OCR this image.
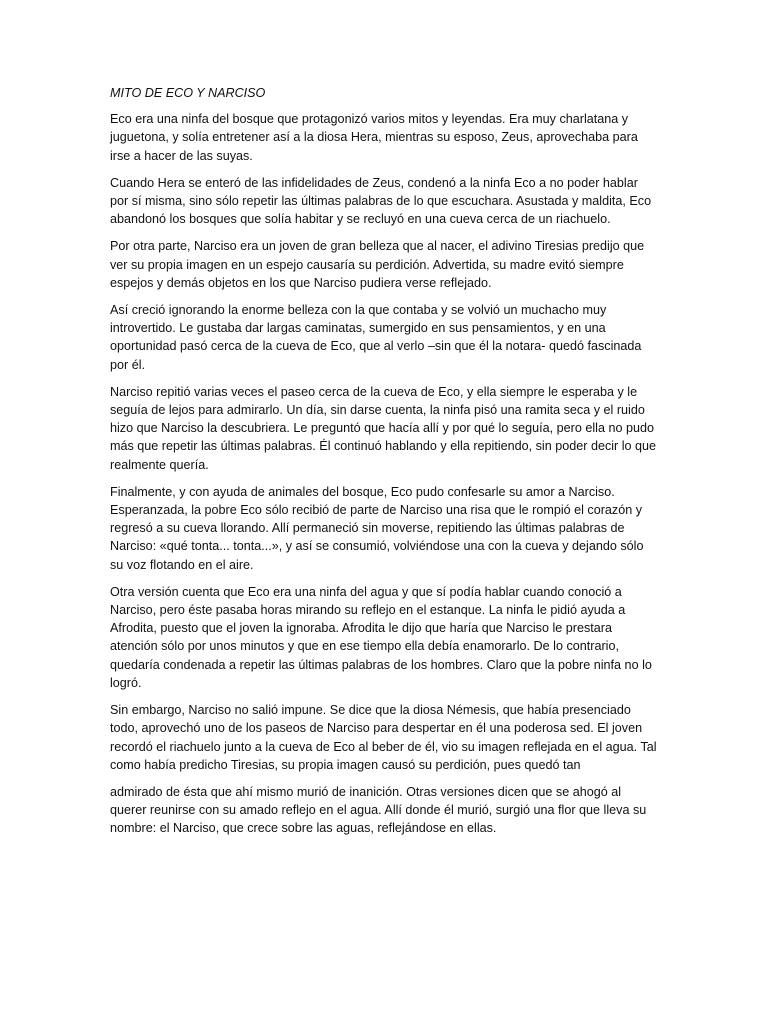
MITO DE ECO Y NARCISO

Eco era una ninfa del bosque que protagonizó varios mitos y leyendas. Era muy charlatana y juguetona, y solía entretener así a la diosa Hera, mientras su esposo, Zeus, aprovechaba para irse a hacer de las suyas.

Cuando Hera se enteró de las infidelidades de Zeus, condenó a la ninfa Eco a no poder hablar por sí misma, sino sólo repetir las últimas palabras de lo que escuchara. Asustada y maldita, Eco abandonó los bosques que solía habitar y se recluyó en una cueva cerca de un riachuelo.

Por otra parte, Narciso era un joven de gran belleza que al nacer, el adivino Tiresias predijo que ver su propia imagen en un espejo causaría su perdición. Advertida, su madre evitó siempre espejos y demás objetos en los que Narciso pudiera verse reflejado.

Así creció ignorando la enorme belleza con la que contaba y se volvió un muchacho muy introvertido. Le gustaba dar largas caminatas, sumergido en sus pensamientos, y en una oportunidad pasó cerca de la cueva de Eco, que al verlo –sin que él la notara- quedó fascinada por él.

Narciso repitió varias veces el paseo cerca de la cueva de Eco, y ella siempre le esperaba y le seguía de lejos para admirarlo. Un día, sin darse cuenta, la ninfa pisó una ramita seca y el ruido hizo que Narciso la descubriera. Le preguntó que hacía allí y por qué lo seguía, pero ella no pudo más que repetir las últimas palabras. Él continuó hablando y ella repitiendo, sin poder decir lo que realmente quería.

Finalmente, y con ayuda de animales del bosque, Eco pudo confesarle su amor a Narciso. Esperanzada, la pobre Eco sólo recibió de parte de Narciso una risa que le rompió el corazón y regresó a su cueva llorando. Allí permaneció sin moverse, repitiendo las últimas palabras de Narciso: «qué tonta... tonta...», y así se consumió, volviéndose una con la cueva y dejando sólo su voz flotando en el aire.

Otra versión cuenta que Eco era una ninfa del agua y que sí podía hablar cuando conoció a Narciso, pero éste pasaba horas mirando su reflejo en el estanque. La ninfa le pidió ayuda a Afrodita, puesto que el joven la ignoraba. Afrodita le dijo que haría que Narciso le prestara atención sólo por unos minutos y que en ese tiempo ella debía enamorarlo. De lo contrario, quedaría condenada a repetir las últimas palabras de los hombres. Claro que la pobre ninfa no lo logró.

Sin embargo, Narciso no salió impune. Se dice que la diosa Némesis, que había presenciado todo, aprovechó uno de los paseos de Narciso para despertar en él una poderosa sed. El joven recordó el riachuelo junto a la cueva de Eco al beber de él, vio su imagen reflejada en el agua. Tal como había predicho Tiresias, su propia imagen causó su perdición, pues quedó tan

admirado de ésta que ahí mismo murió de inanición. Otras versiones dicen que se ahogó al querer reunirse con su amado reflejo en el agua. Allí donde él murió, surgió una flor que lleva su nombre: el Narciso, que crece sobre las aguas, reflejándose en ellas.
